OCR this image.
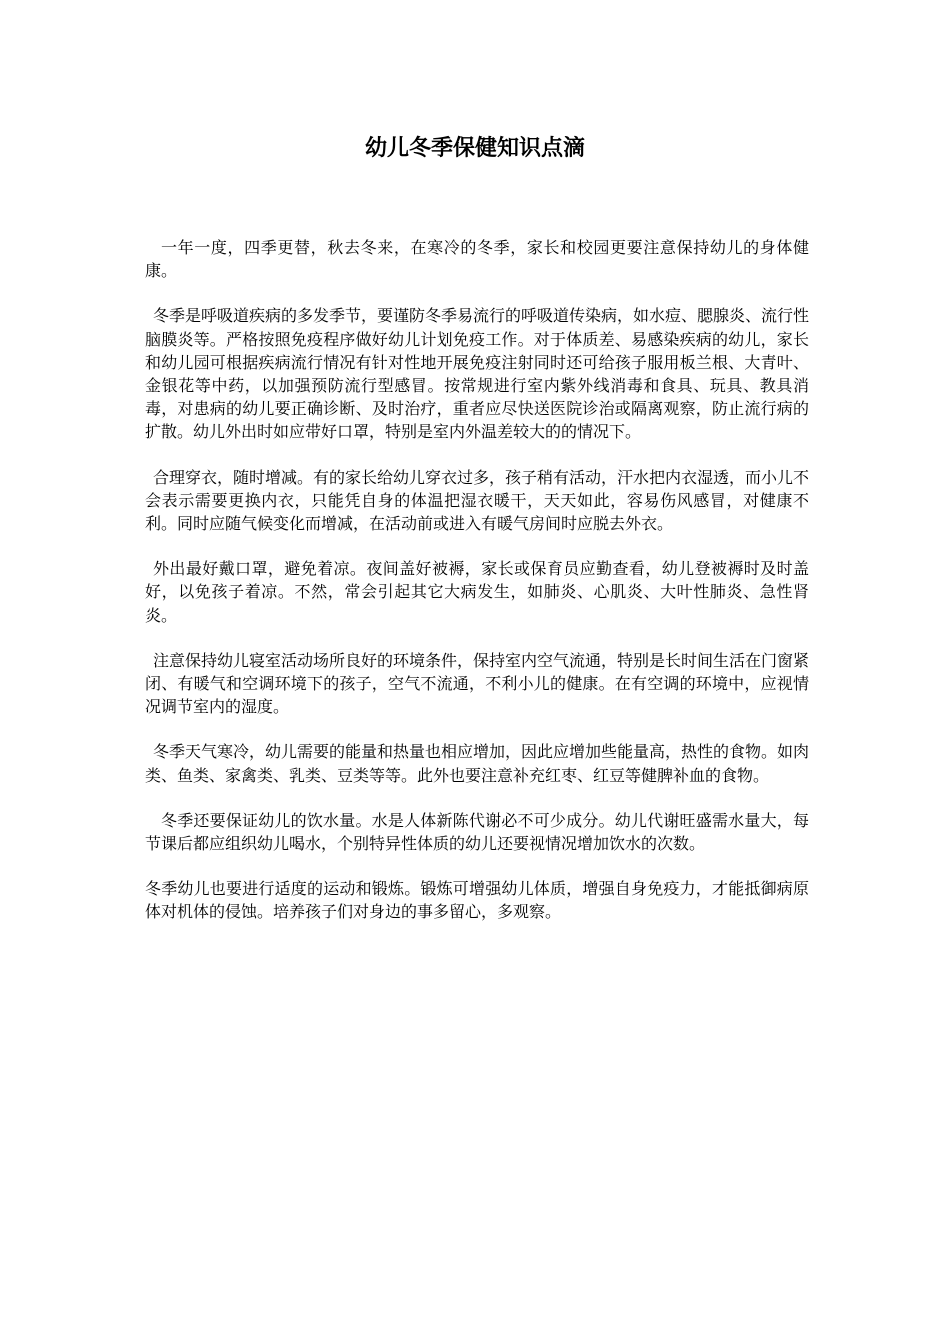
幼儿冬季保健知识点滴

一年一度，四季更替，秋去冬来，在寒冷的冬季，家长和校园更要注意保持幼儿的身体健康。

冬季是呼吸道疾病的多发季节，要谨防冬季易流行的呼吸道传染病，如水痘、腮腺炎、流行性脑膜炎等。严格按照免疫程序做好幼儿计划免疫工作。对于体质差、易感染疾病的幼儿，家长和幼儿园可根据疾病流行情况有针对性地开展免疫注射同时还可给孩子服用板兰根、大青叶、金银花等中药，以加强预防流行型感冒。按常规进行室内紫外线消毒和食具、玩具、教具消毒，对患病的幼儿要正确诊断、及时治疗，重者应尽快送医院诊治或隔离观察，防止流行病的扩散。幼儿外出时如应带好口罩，特别是室内外温差较大的的情况下。

合理穿衣，随时增减。有的家长给幼儿穿衣过多，孩子稍有活动，汗水把内衣湿透，而小儿不会表示需要更换内衣，只能凭自身的体温把湿衣暖干，天天如此，容易伤风感冒，对健康不利。同时应随气候变化而增减，在活动前或进入有暖气房间时应脱去外衣。

外出最好戴口罩，避免着凉。夜间盖好被褥，家长或保育员应勤查看，幼儿登被褥时及时盖好，以免孩子着凉。不然，常会引起其它大病发生，如肺炎、心肌炎、大叶性肺炎、急性肾炎。

注意保持幼儿寝室活动场所良好的环境条件，保持室内空气流通，特别是长时间生活在门窗紧闭、有暖气和空调环境下的孩子，空气不流通，不利小儿的健康。在有空调的环境中，应视情况调节室内的湿度。

冬季天气寒冷，幼儿需要的能量和热量也相应增加，因此应增加些能量高，热性的食物。如肉类、鱼类、家禽类、乳类、豆类等等。此外也要注意补充红枣、红豆等健脾补血的食物。

冬季还要保证幼儿的饮水量。水是人体新陈代谢必不可少成分。幼儿代谢旺盛需水量大，每节课后都应组织幼儿喝水，个别特异性体质的幼儿还要视情况增加饮水的次数。

冬季幼儿也要进行适度的运动和锻炼。锻炼可增强幼儿体质，增强自身免疫力，才能抵御病原体对机体的侵蚀。培养孩子们对身边的事多留心，多观察。
